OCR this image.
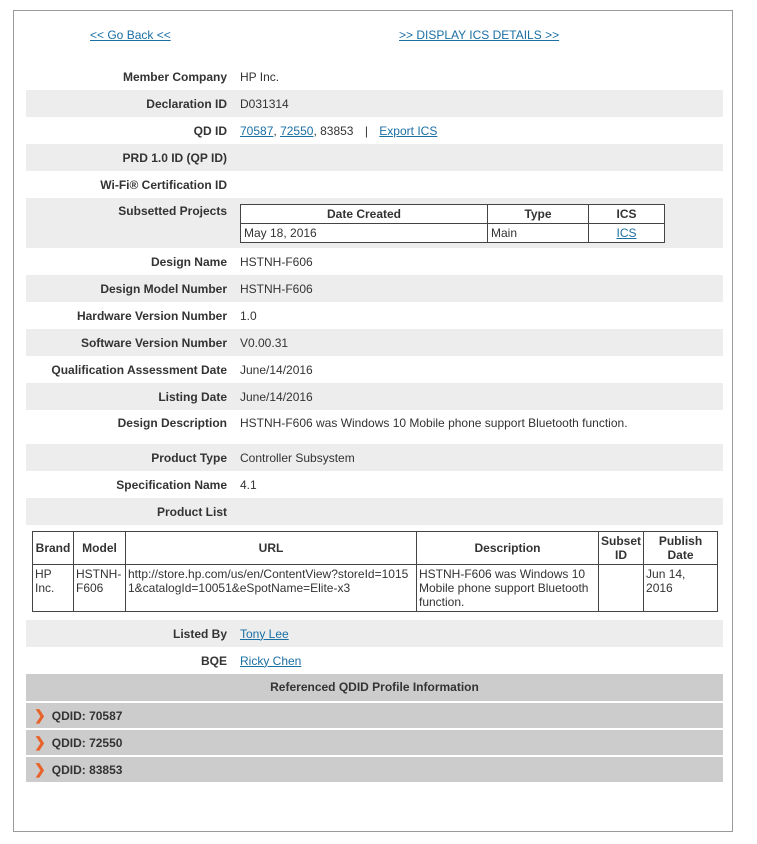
<< Go Back <<	>> DISPLAY ICS DETAILS >>
Member Company	HP Inc.
Declaration ID	D031314
QD ID	70587, 72550, 83853 | Export ICS
PRD 1.0 ID (QP ID)
Wi-Fi® Certification ID
Subsetted Projects	Date Created	Type	ICS
May 18, 2016	Main	ICS
Design Name	HSTNH-F606
Design Model Number	HSTNH-F606
Hardware Version Number	1.0
Software Version Number	V0.00.31
Qualification Assessment Date	June/14/2016
Listing Date	June/14/2016
Design Description	HSTNH-F606 was Windows 10 Mobile phone support Bluetooth function.
Product Type	Controller Subsystem
Specification Name	4.1
Product List
Brand	Model	URL	Description	Subset ID	Publish Date
HP Inc.	HSTNH-F606	http://store.hp.com/us/en/ContentView?storeId=10151&catalogId=10051&eSpotName=Elite-x3	HSTNH-F606 was Windows 10 Mobile phone support Bluetooth function.		Jun 14, 2016
Listed By	Tony Lee
BQE	Ricky Chen
Referenced QDID Profile Information
❯ QDID: 70587
❯ QDID: 72550
❯ QDID: 83853
